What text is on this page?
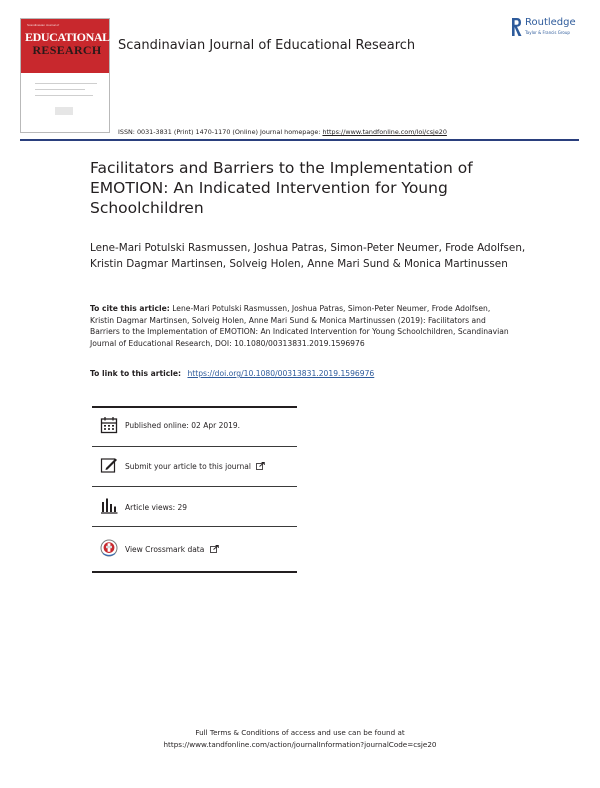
Scandinavian Journal of
EDUCATIONAL
RESEARCH	Scandinavian Journal of Educational Research
Routledge
Taylor & Francis Group
ISSN: 0031-3831 (Print) 1470-1170 (Online) Journal homepage: https://www.tandfonline.com/loi/csje20
Facilitators and Barriers to the Implementation of EMOTION: An Indicated Intervention for Young Schoolchildren
Lene-Mari Potulski Rasmussen, Joshua Patras, Simon-Peter Neumer, Frode Adolfsen, Kristin Dagmar Martinsen, Solveig Holen, Anne Mari Sund & Monica Martinussen
To cite this article: Lene-Mari Potulski Rasmussen, Joshua Patras, Simon-Peter Neumer, Frode Adolfsen, Kristin Dagmar Martinsen, Solveig Holen, Anne Mari Sund & Monica Martinussen (2019): Facilitators and Barriers to the Implementation of EMOTION: An Indicated Intervention for Young Schoolchildren, Scandinavian Journal of Educational Research, DOI: 10.1080/00313831.2019.1596976
To link to this article: https://doi.org/10.1080/00313831.2019.1596976
Published online: 02 Apr 2019.
Submit your article to this journal
Article views: 29
View Crossmark data
Full Terms & Conditions of access and use can be found at
https://www.tandfonline.com/action/journalInformation?journalCode=csje20
